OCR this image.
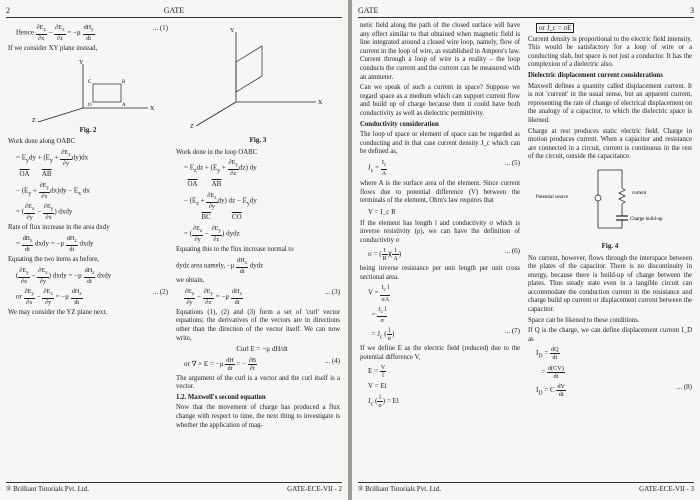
2	GATE
Hence $\frac{\partial E_z}{\partial x} - \frac{\partial E_x}{\partial z} = -\mu$
$dH_y$
dt
... (1)

If we consider XY plane instead,

Y
X
Z
O	A
B
C
Fig. 2

Work done along OABC

= $E_ydy + (E_y + \frac{\partial E_x}{\partial y} dy)dx$
$\overline{OA}$ $\overline{AB}$
− $(E_y + \frac{\partial E_y}{\partial x} dx)dy - E_x$ dx
= ( $\frac{\partial E_x}{\partial y} - \frac{\partial E_y}{\partial x}$ ) dxdy

Rate of flux increase in the area dxdy

=
$dB_z$
dt
dxdy = −μ
$dH_z$
dt
dxdy

Equating the two items as before,

( $\frac{\partial E_y}{\partial x} - \frac{\partial E_x}{\partial y}$ ) dxdy = −μ
$dH_z$
dt
dxdy
or $\frac{\partial E_y}{\partial x} - \frac{\partial E_x}{\partial y} = -\mu$
$dH_z$
dt
... (2)

We may consider the YZ plane next.

Y
X
Z
Fig. 3

Work done in the loop OABC

= $E_zdz + (E_y + \frac{\partial E_y}{\partial z} dz)$ dy
$\overline{OA}$ $\overline{AB}$
− $(E_z + \frac{\partial E_z}{\partial y} dy)$ dz − $E_ydy$
$\overline{BC}$	$\overline{CO}$
= ( $\frac{\partial E_z}{\partial y} - \frac{\partial E_y}{\partial z}$ ) dydz

Equating this to the flux increase normal to

dydz area namely, −μ
$dH_x$
dt
dydz

we obtain,

$\frac{\partial E_z}{\partial y} - \frac{\partial E_y}{\partial z} = -\mu$
$dH_x$
dt
... (3)

Equations (1), (2) and (3) form a set of 'curl' vector equations; the derivatives of the vectors are in directions other than the direction of the vector itself. We can now write,

Curl E = −μ dH/dt
or ∇ × $E = -\mu \frac{dH}{dt}$ = − $\frac{\partial B}{\partial t}$	... (4)

The argument of the curl is a vector and the curl itself is a vector.

1.2. Maxwell's second equation

Now that the movement of charge has produced a flux change with respect to time, the next thing to investigate is whether the application of mag-

® Brilliant Tutorials Pvt. Ltd.	GATE-ECE-VII - 2
GATE	3

netic field along the path of the closed surface will have any effect similar to that obtained when magnetic field is line integrated around a closed wire loop, namely, flow of current in the loop of wire, as established in Ampere's law. Current through a loop of wire is a reality – the loop conducts the current and the current can be measured with an ammeter.

Can we speak of such a current in space? Suppose we regard space as a medium which can support current flow and build up of charge because then it could have both conductivity as well as dielectric permittivity.

Conductivity consideration

The loop of space or element of space can be regarded as conducting and in that case current density J_c which can be defined as,

$J_c = \frac{I_c}{A}$	... (5)

where A is the surface area of the element. Since current flows due to potential difference (V) between the terminals of the element, Ohm's law requires that

V = I_c R

If the element has length l and conductivity σ which is inverse resistivity (ρ), we can have the definition of conductivity σ

σ = ( $\frac{1}{R}$ )( $\frac{l}{A}$ )	... (6)

being inverse resistance per unit length per unit cross sectional area.

$V = \frac{I_c l}{\sigma A}$
= $\frac{J_c l}{\sigma}$
= $J_c$ ( $\frac{l}{\sigma}$ )	... (7)

If we define E as the electric field (reduced) due to the potential difference V,

$E = \frac{V}{l}$
V = El
$J_c$ ( $\frac{l}{\sigma}$ ) = El
or J_c = σE

Current density is proportional to the electric field intensity. This would be satisfactory for a loop of wire or a conducting slab, but space is not just a conductor. It has the complexion of a dielectric also.

Dielectric displacement current considerations

Maxwell defines a quantity called displacement current. It is not 'current' in the usual sense, but an apparent current, representing the rate of change of electrical displacement on the analogy of a capacitor, to which the dielectric space is likened.

Charge at rest produces static electric field. Charge in motion produces current. When a capacitor and resistance are connected in a circuit, current is continuous in the rest of the circuit, outside the capacitance.

current
Potential source
Charge build-up
Fig. 4

No current, however, flows through the interspace between the plates of the capacitor. There is no discontinuity in energy, because there is build-up of charge between the plates. Thus steady state even in a tangible circuit can accommodate the conduction current in the resistance and charge build up current or displacement current between the capacitor.

Space can be likened to these conditions.

If Q is the charge, we can define displacement current I_D as

$I_D = \frac{dQ}{dt}$
= $\frac{d(CV)}{dt}$
$I_D = C \frac{dV}{dt}$	... (8)
® Brilliant Tutorials Pvt. Ltd.	GATE-ECE-VII - 3
